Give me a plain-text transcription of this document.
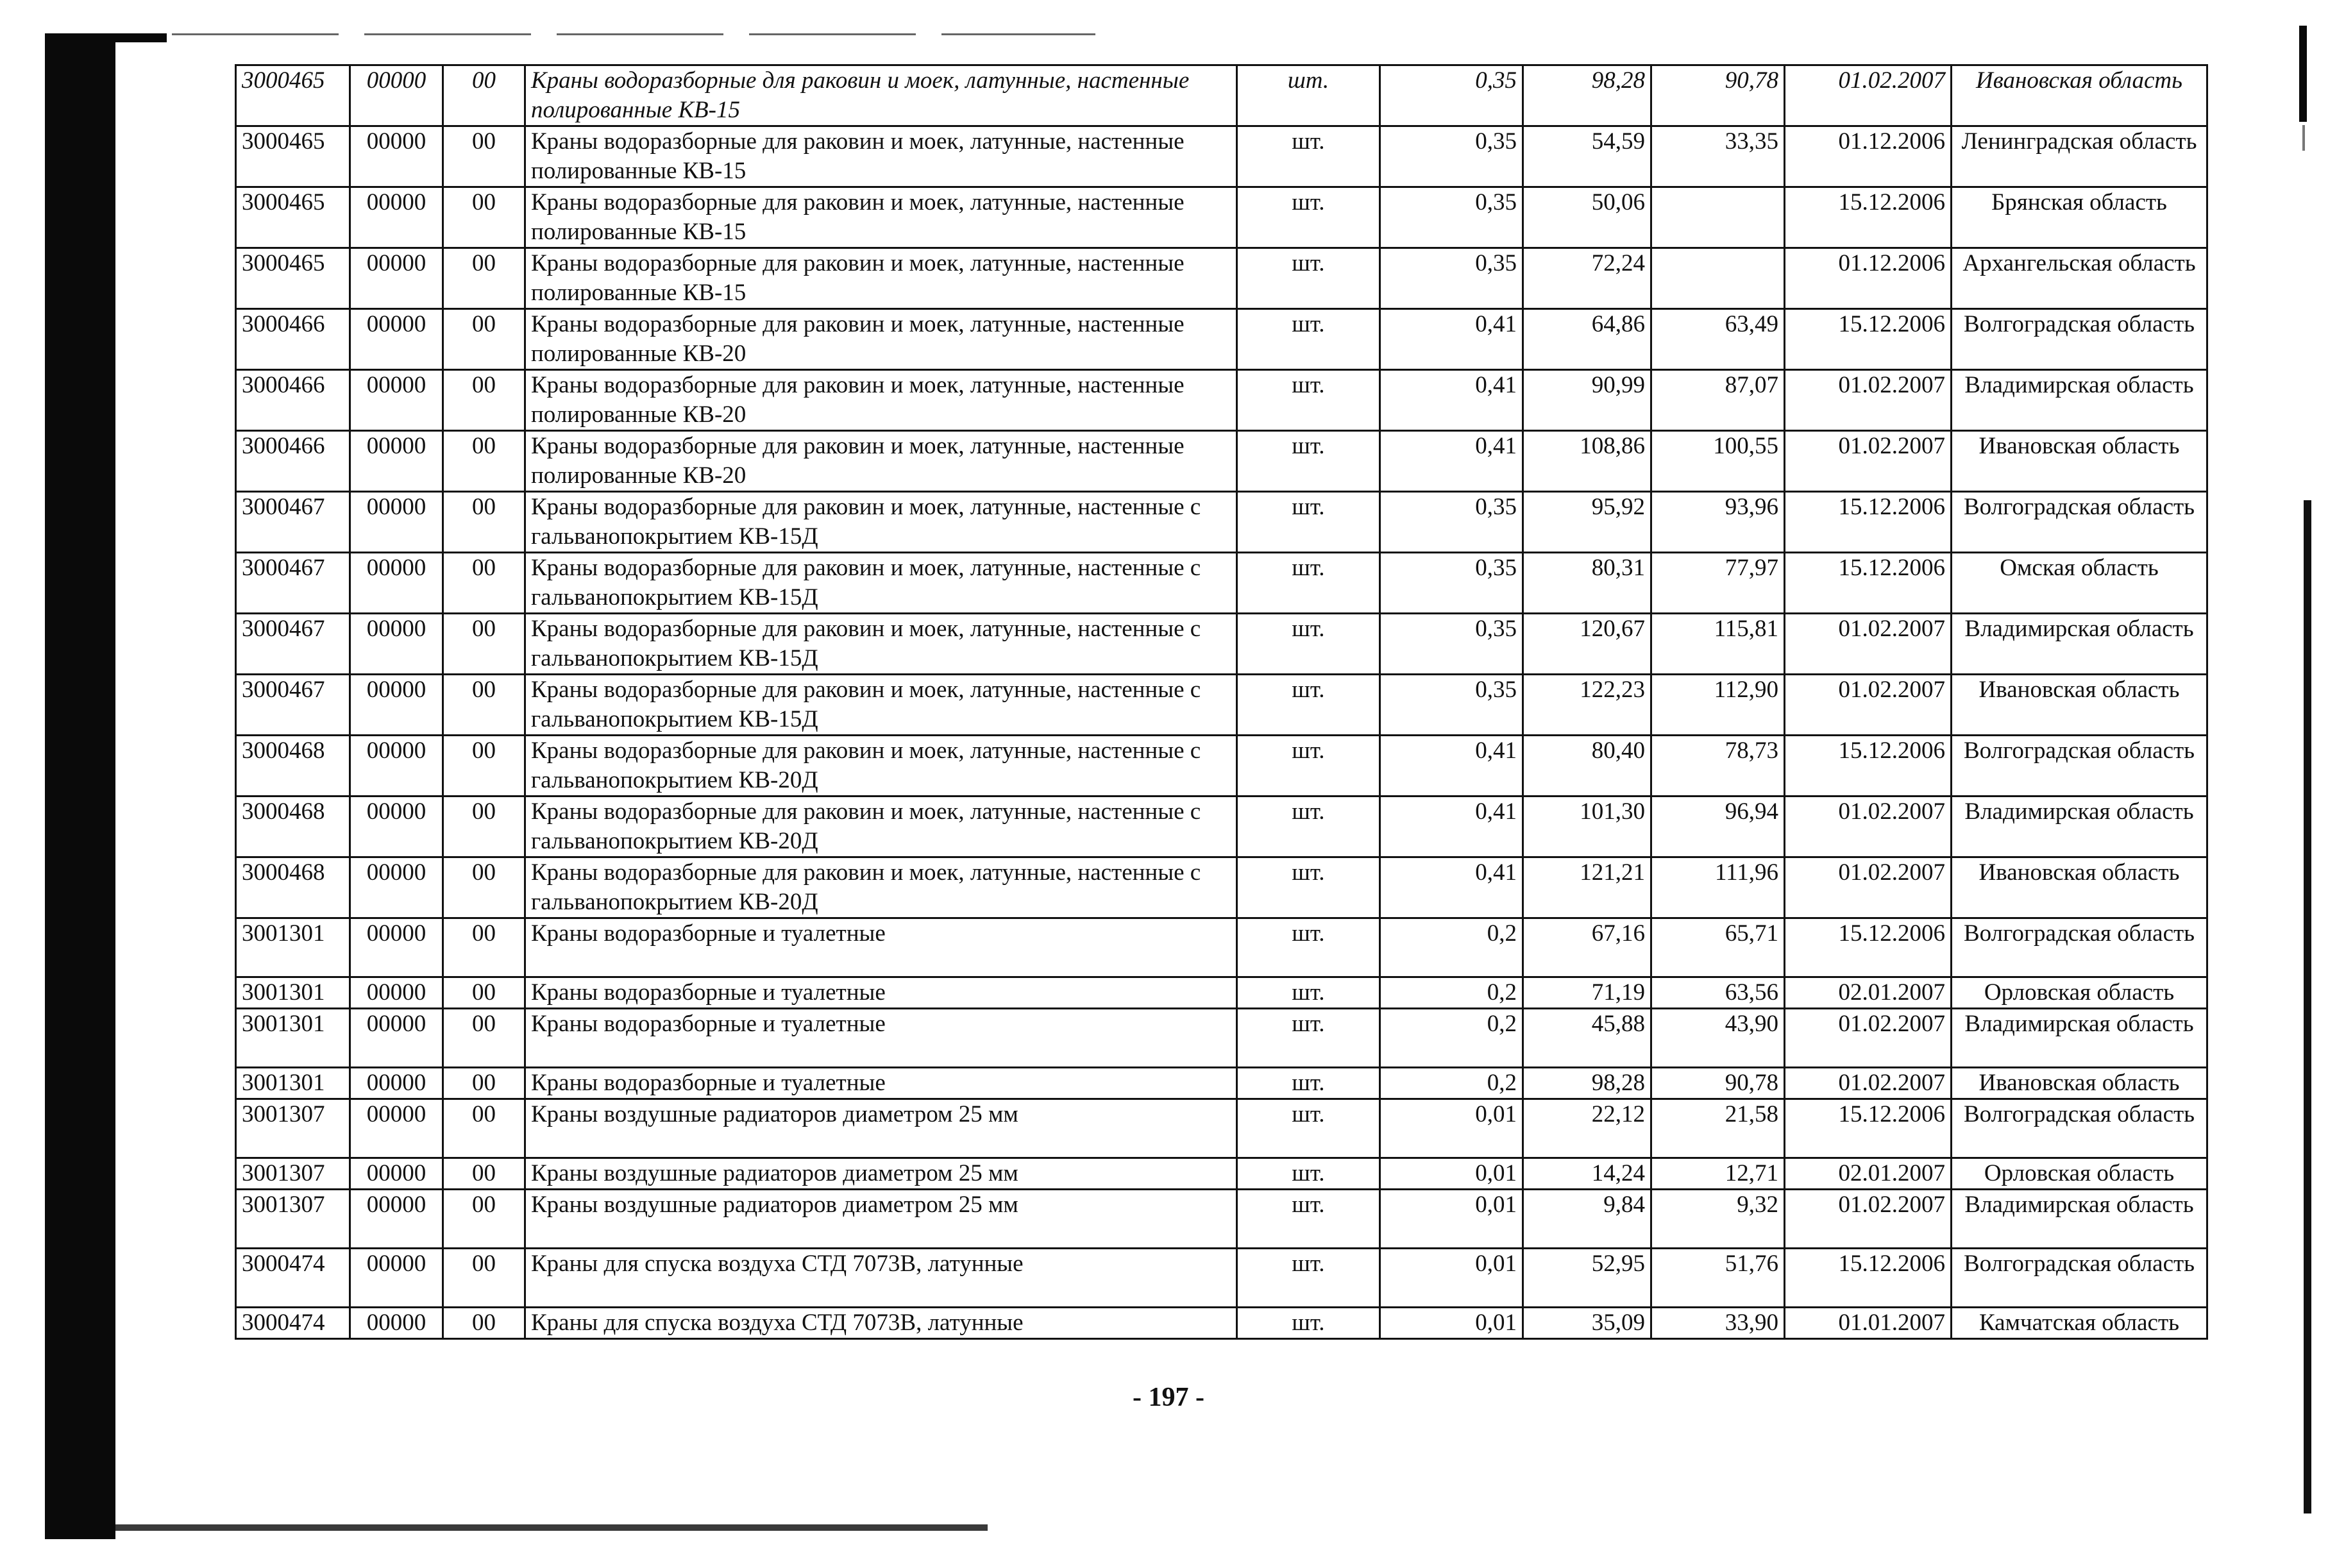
3000465	00000	00	Краны водоразборные для раковин и моек, латунные, настенные полированные КВ-15	шт.	0,35	98,28	90,78	01.02.2007	Ивановская область
3000465	00000	00	Краны водоразборные для раковин и моек, латунные, настенные полированные КВ-15	шт.	0,35	54,59	33,35	01.12.2006	Ленинградская область
3000465	00000	00	Краны водоразборные для раковин и моек, латунные, настенные полированные КВ-15	шт.	0,35	50,06		15.12.2006	Брянская область
3000465	00000	00	Краны водоразборные для раковин и моек, латунные, настенные полированные КВ-15	шт.	0,35	72,24		01.12.2006	Архангельская область
3000466	00000	00	Краны водоразборные для раковин и моек, латунные, настенные полированные КВ-20	шт.	0,41	64,86	63,49	15.12.2006	Волгоградская область
3000466	00000	00	Краны водоразборные для раковин и моек, латунные, настенные полированные КВ-20	шт.	0,41	90,99	87,07	01.02.2007	Владимирская область
3000466	00000	00	Краны водоразборные для раковин и моек, латунные, настенные полированные КВ-20	шт.	0,41	108,86	100,55	01.02.2007	Ивановская область
3000467	00000	00	Краны водоразборные для раковин и моек, латунные, настенные с гальванопокрытием КВ-15Д	шт.	0,35	95,92	93,96	15.12.2006	Волгоградская область
3000467	00000	00	Краны водоразборные для раковин и моек, латунные, настенные с гальванопокрытием КВ-15Д	шт.	0,35	80,31	77,97	15.12.2006	Омская область
3000467	00000	00	Краны водоразборные для раковин и моек, латунные, настенные с гальванопокрытием КВ-15Д	шт.	0,35	120,67	115,81	01.02.2007	Владимирская область
3000467	00000	00	Краны водоразборные для раковин и моек, латунные, настенные с гальванопокрытием КВ-15Д	шт.	0,35	122,23	112,90	01.02.2007	Ивановская область
3000468	00000	00	Краны водоразборные для раковин и моек, латунные, настенные с гальванопокрытием КВ-20Д	шт.	0,41	80,40	78,73	15.12.2006	Волгоградская область
3000468	00000	00	Краны водоразборные для раковин и моек, латунные, настенные с гальванопокрытием КВ-20Д	шт.	0,41	101,30	96,94	01.02.2007	Владимирская область
3000468	00000	00	Краны водоразборные для раковин и моек, латунные, настенные с гальванопокрытием КВ-20Д	шт.	0,41	121,21	111,96	01.02.2007	Ивановская область
3001301	00000	00	Краны водоразборные и туалетные	шт.	0,2	67,16	65,71	15.12.2006	Волгоградская область
3001301	00000	00	Краны водоразборные и туалетные	шт.	0,2	71,19	63,56	02.01.2007	Орловская область
3001301	00000	00	Краны водоразборные и туалетные	шт.	0,2	45,88	43,90	01.02.2007	Владимирская область
3001301	00000	00	Краны водоразборные и туалетные	шт.	0,2	98,28	90,78	01.02.2007	Ивановская область
3001307	00000	00	Краны воздушные радиаторов диаметром 25 мм	шт.	0,01	22,12	21,58	15.12.2006	Волгоградская область
3001307	00000	00	Краны воздушные радиаторов диаметром 25 мм	шт.	0,01	14,24	12,71	02.01.2007	Орловская область
3001307	00000	00	Краны воздушные радиаторов диаметром 25 мм	шт.	0,01	9,84	9,32	01.02.2007	Владимирская область
3000474	00000	00	Краны для спуска воздуха СТД 7073В, латунные	шт.	0,01	52,95	51,76	15.12.2006	Волгоградская область
3000474	00000	00	Краны для спуска воздуха СТД 7073В, латунные	шт.	0,01	35,09	33,90	01.01.2007	Камчатская область
- 197 -
